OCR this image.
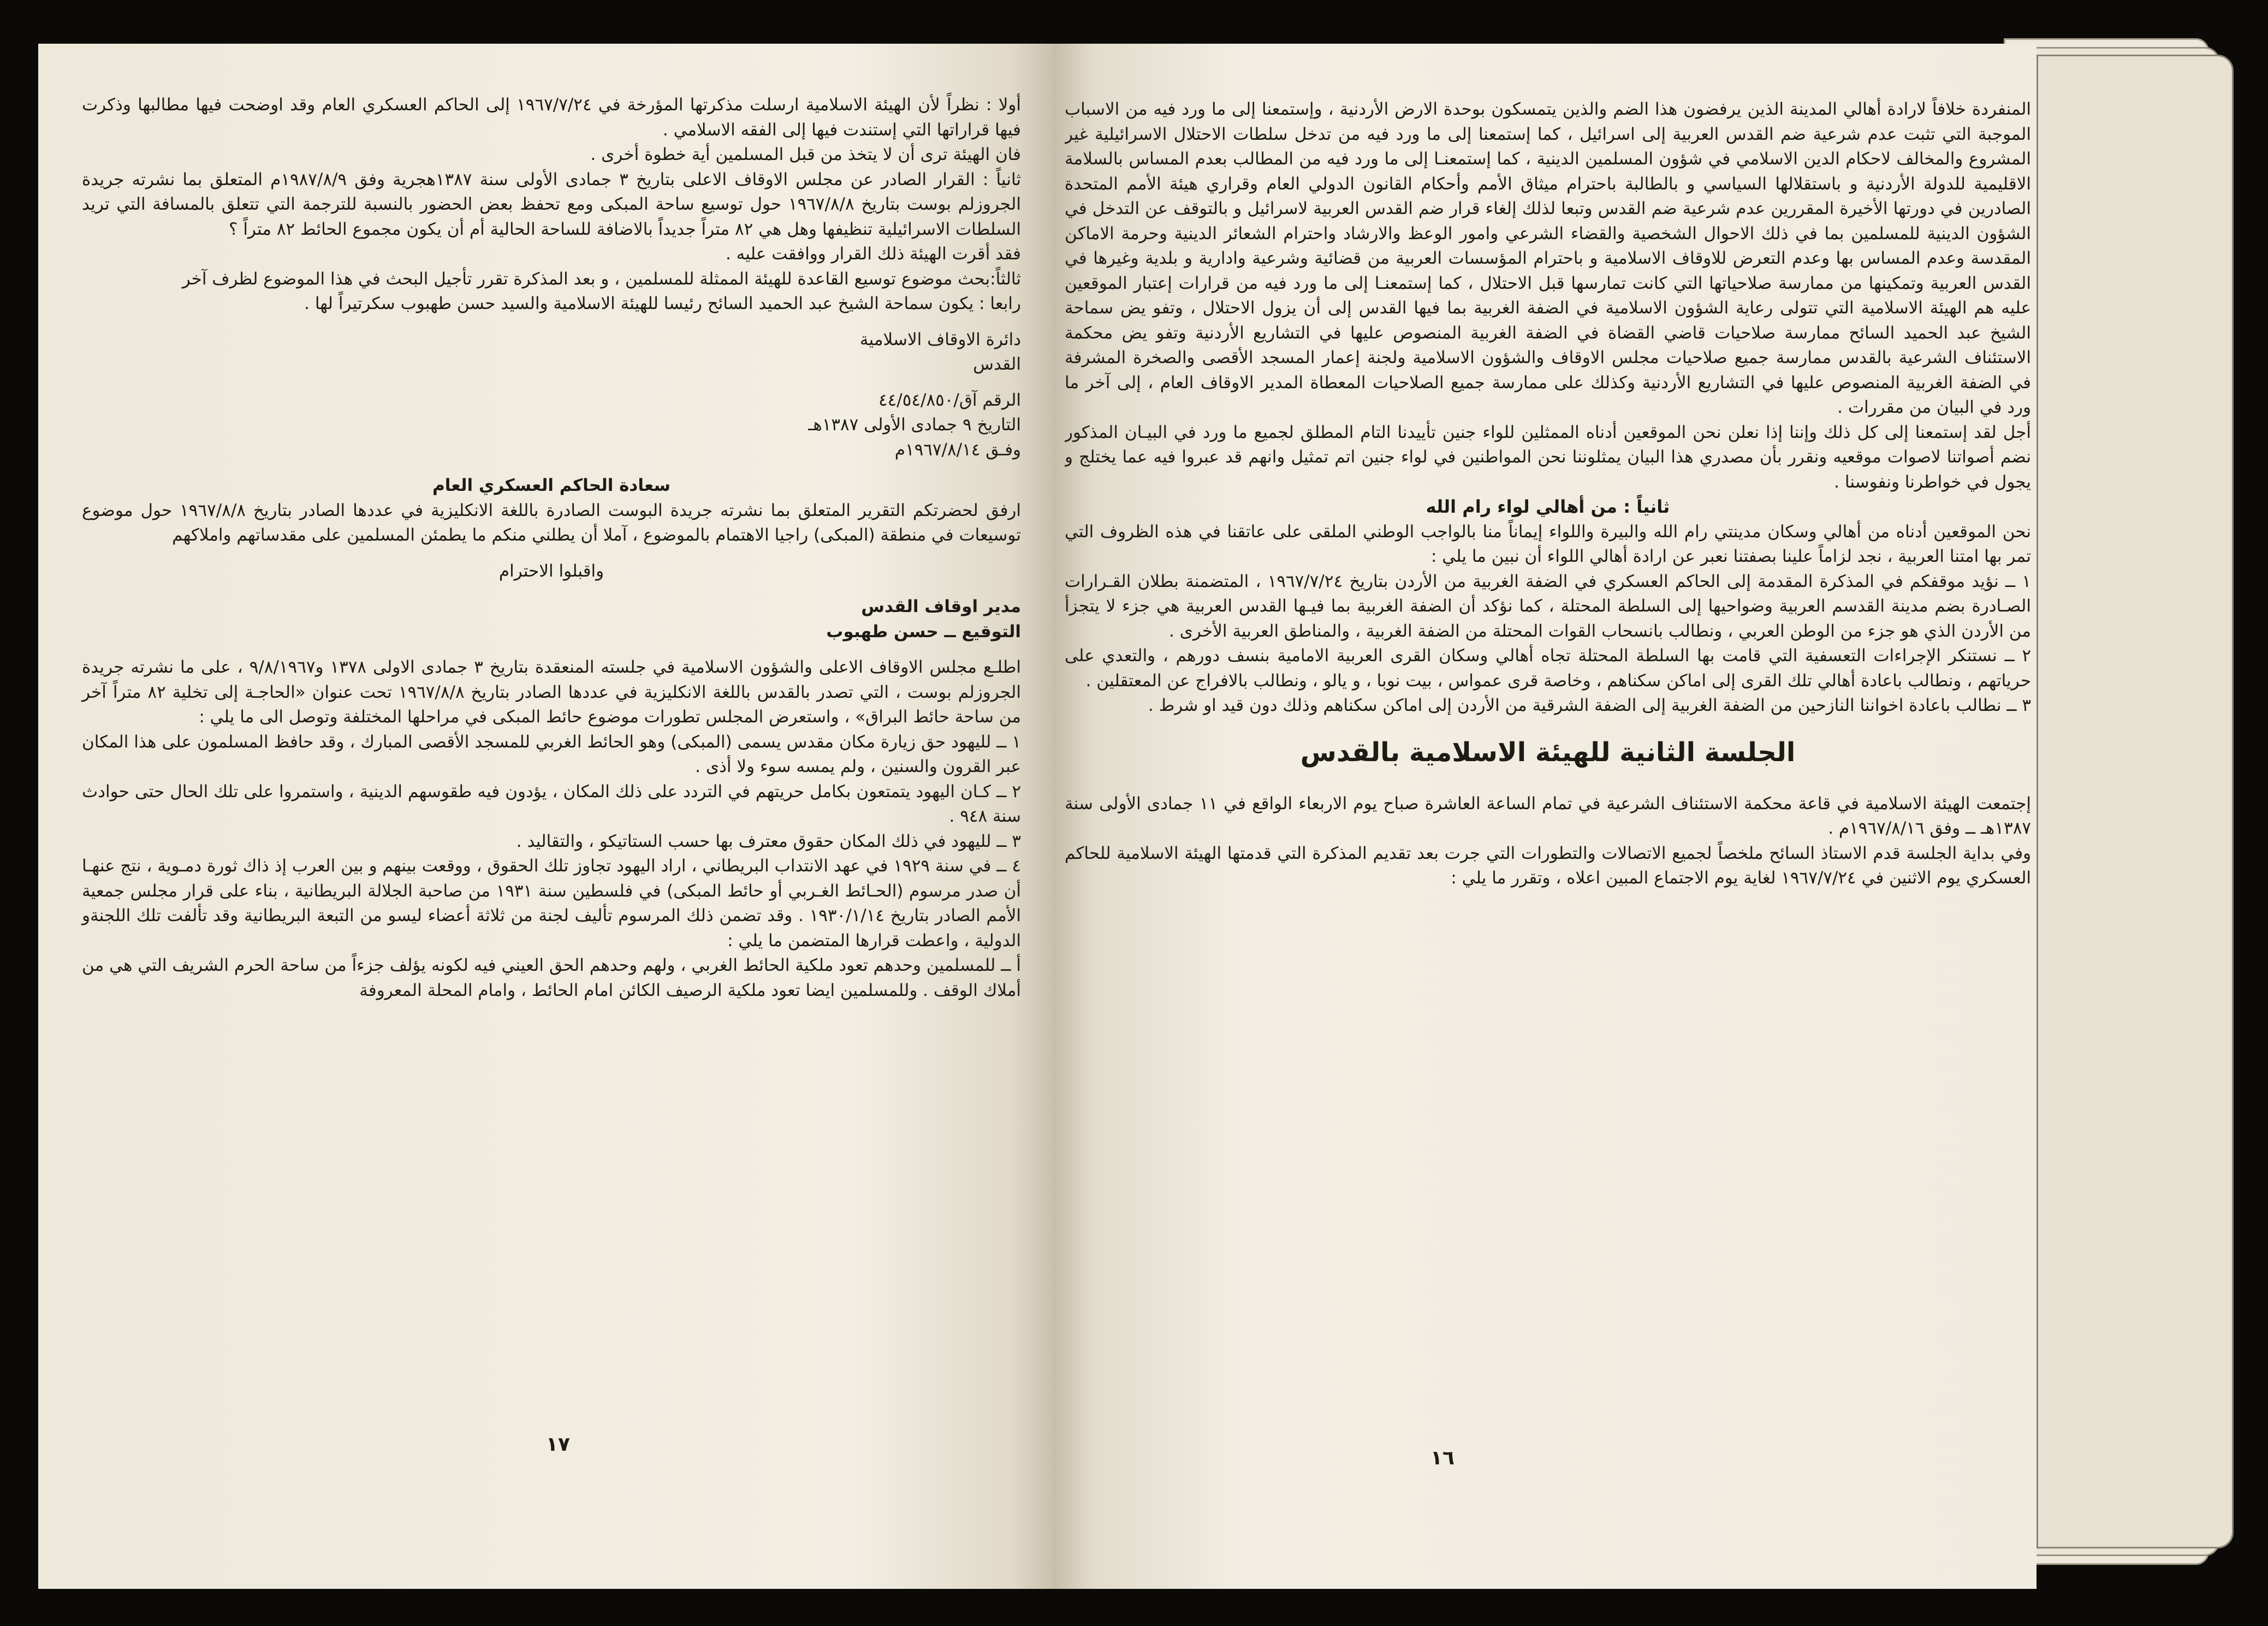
أولا : نظراً لأن الهيئة الاسلامية ارسلت مذكرتها المؤرخة في ١٩٦٧/٧/٢٤ إلى الحاكم العسكري العام وقد اوضحت فيها مطالبها وذكرت فيها قراراتها التي إستندت فيها إلى الفقه الاسلامي .

فان الهيئة ترى أن لا يتخذ من قبل المسلمين أية خطوة أخرى .

ثانياً : القرار الصادر عن مجلس الاوقاف الاعلى بتاريخ ٣ جمادى الأولى سنة ١٣٨٧هجرية وفق ١٩٨٧/٨/٩م المتعلق بما نشرته جريدة الجروزلم بوست بتاريخ ١٩٦٧/٨/٨ حول توسيع ساحة المبكى ومع تحفظ بعض الحضور بالنسبة للترجمة التي تتعلق بالمسافة التي تريد السلطات الاسرائيلية تنظيفها وهل هي ٨٢ متراً جديداً بالاضافة للساحة الحالية أم أن يكون مجموع الحائط ٨٢ متراً ؟

فقد أقرت الهيئة ذلك القرار ووافقت عليه .

ثالثاً:بحث موضوع توسيع القاعدة للهيئة الممثلة للمسلمين ، و بعد المذكرة تقرر تأجيل البحث في هذا الموضوع لظرف آخر

رابعا : يكون سماحة الشيخ عبد الحميد السائح رئيسا للهيئة الاسلامية والسيد حسن طهبوب سكرتيراً لها .

دائرة الاوقاف الاسلامية

القدس

الرقم آق/٤٤/٥٤/٨٥٠

التاريخ ٩ جمادى الأولى ١٣٨٧هـ

وفـق ١٩٦٧/٨/١٤م

سعادة الحاكم العسكري العام

ارفق لحضرتكم التقرير المتعلق بما نشرته جريدة البوست الصادرة باللغة الانكليزية في عددها الصادر بتاريخ ١٩٦٧/٨/٨ حول موضوع توسيعات في منطقة (المبكى) راجيا الاهتمام بالموضوع ، آملا أن يطلني منكم ما يطمئن المسلمين على مقدساتهم واملاكهم

واقبلوا الاحترام

مدير اوقاف القدس

التوقيع ــ حسن طهبوب

اطلـع مجلس الاوقاف الاعلى والشؤون الاسلامية في جلسته المنعقدة بتاريخ ٣ جمادى الاولى ١٣٧٨ و٩/٨/١٩٦٧ ، على ما نشرته جريدة الجروزلم بوست ، التي تصدر بالقدس باللغة الانكليزية في عددها الصادر بتاريخ ١٩٦٧/٨/٨ تحت عنوان «الحاجـة إلى تخلية ٨٢ متراً آخر من ساحة حائط البراق» ، واستعرض المجلس تطورات موضوع حائط المبكى في مراحلها المختلفة وتوصل الى ما يلي :

١ ــ لليهود حق زيارة مكان مقدس يسمى (المبكى) وهو الحائط الغربي للمسجد الأقصى المبارك ، وقد حافظ المسلمون على هذا المكان عبر القرون والسنين ، ولم يمسه سوء ولا أذى .

٢ ــ كـان اليهود يتمتعون بكامل حريتهم في التردد على ذلك المكان ، يؤدون فيه طقوسهم الدينية ، واستمروا على تلك الحال حتى حوادث سنة ٩٤٨ .

٣ ــ لليهود في ذلك المكان حقوق معترف بها حسب الستاتيكو ، والتقاليد .

٤ ــ في سنة ١٩٢٩ في عهد الانتداب البريطاني ، اراد اليهود تجاوز تلك الحقوق ، ووقعت بينهم و بين العرب إذ ذاك ثورة دمـوية ، نتج عنهـا أن صدر مرسوم (الحـائط الغـربي أو حائط المبكى) في فلسطين سنة ١٩٣١ من صاحبة الجلالة البريطانية ، بناء على قرار مجلس جمعية الأمم الصادر بتاريخ ١٩٣٠/١/١٤ . وقد تضمن ذلك المرسوم تأليف لجنة من ثلاثة أعضاء ليسو من التبعة البريطانية وقد تألفت تلك اللجنةو الدولية ، واعطت قرارها المتضمن ما يلي :

أ ــ للمسلمين وحدهم تعود ملكية الحائط الغربي ، ولهم وحدهم الحق العيني فيه لكونه يؤلف جزءاً من ساحة الحرم الشريف التي هي من أملاك الوقف . وللمسلمين ايضا تعود ملكية الرصيف الكائن امام الحائط ، وامام المحلة المعروفة

١٧

المنفردة خلافاً لارادة أهالي المدينة الذين يرفضون هذا الضم والذين يتمسكون بوحدة الارض الأردنية ، وإستمعنا إلى ما ورد فيه من الاسباب الموجبة التي تثبت عدم شرعية ضم القدس العربية إلى اسرائيل ، كما إستمعنا إلى ما ورد فيه من تدخل سلطات الاحتلال الاسرائيلية غير المشروع والمخالف لاحكام الدين الاسلامي في شؤون المسلمين الدينية ، كما إستمعنـا إلى ما ورد فيه من المطالب بعدم المساس بالسلامة الاقليمية للدولة الأردنية و باستقلالها السياسي و بالطالبة باحترام ميثاق الأمم وأحكام القانون الدولي العام وقراري هيئة الأمم المتحدة الصادرين في دورتها الأخيرة المقررين عدم شرعية ضم القدس وتبعا لذلك إلغاء قرار ضم القدس العربية لاسرائيل و بالتوقف عن التدخل في الشؤون الدينية للمسلمين بما في ذلك الاحوال الشخصية والقضاء الشرعي وامور الوعظ والارشاد واحترام الشعائر الدينية وحرمة الاماكن المقدسة وعدم المساس بها وعدم التعرض للاوقاف الاسلامية و باحترام المؤسسات العربية من قضائية وشرعية وادارية و بلدية وغيرها في القدس العربية وتمكينها من ممارسة صلاحياتها التي كانت تمارسها قبل الاحتلال ، كما إستمعنـا إلى ما ورد فيه من قرارات إعتبار الموقعين عليه هم الهيئة الاسلامية التي تتولى رعاية الشؤون الاسلامية في الضفة الغربية بما فيها القدس إلى أن يزول الاحتلال ، وتفو يض سماحة الشيخ عبد الحميد السائح ممارسة صلاحيات قاضي القضاة في الضفة الغربية المنصوص عليها في التشاريع الأردنية وتفو يض محكمة الاستئناف الشرعية بالقدس ممارسة جميع صلاحيات مجلس الاوقاف والشؤون الاسلامية ولجنة إعمار المسجد الأقصى والصخرة المشرفة في الضفة الغربية المنصوص عليها في التشاريع الأردنية وكذلك على ممارسة جميع الصلاحيات المعطاة المدير الاوقاف العام ، إلى آخر ما ورد في البيان من مقررات .

أجل لقد إستمعنا إلى كل ذلك وإننا إذا نعلن نحن الموقعين أدناه الممثلين للواء جنين تأييدنا التام المطلق لجميع ما ورد في البيـان المذكور نضم أصواتنا لاصوات موقعيه ونقرر بأن مصدري هذا البيان يمثلوننا نحن المواطنين في لواء جنين اتم تمثيل وانهم قد عبروا فيه عما يختلج و يجول في خواطرنا ونفوسنا .

ثانياً : من أهالي لواء رام الله

نحن الموقعين أدناه من أهالي وسكان مدينتي رام الله والبيرة واللواء إيماناً منا بالواجب الوطني الملقى على عاتقنا في هذه الظروف التي تمر بها امتنا العربية ، نجد لزاماً علينا بصفتنا نعبر عن ارادة أهالي اللواء أن نبين ما يلي :

١ ــ نؤيد موقفكم في المذكرة المقدمة إلى الحاكم العسكري في الضفة الغربية من الأردن بتاريخ ١٩٦٧/٧/٢٤ ، المتضمنة بطلان القـرارات الصـادرة بضم مدينة القدسم العربية وضواحيها إلى السلطة المحتلة ، كما نؤكد أن الضفة الغربية بما فيـها القدس العربية هي جزء لا يتجزأ من الأردن الذي هو جزء من الوطن العربي ، ونطالب بانسحاب القوات المحتلة من الضفة الغربية ، والمناطق العربية الأخرى .

٢ ــ نستنكر الإجراءات التعسفية التي قامت بها السلطة المحتلة تجاه أهالي وسكان القرى العربية الامامية بنسف دورهم ، والتعدي على حرياتهم ، ونطالب باعادة أهالي تلك القرى إلى اماكن سكناهم ، وخاصة قرى عمواس ، بيت نوبا ، و يالو ، ونطالب بالافراج عن المعتقلين .

٣ ــ نطالب باعادة اخواننا النازحين من الضفة الغربية إلى الضفة الشرقية من الأردن إلى اماكن سكناهم وذلك دون قيد او شرط .

الجلسة الثانية للهيئة الاسلامية بالقدس

إجتمعت الهيئة الاسلامية في قاعة محكمة الاستئناف الشرعية في تمام الساعة العاشرة صباح يوم الاربعاء الواقع في ١١ جمادى الأولى سنة ١٣٨٧هـ ــ وفق ١٩٦٧/٨/١٦م .

وفي بداية الجلسة قدم الاستاذ السائح ملخصاً لجميع الاتصالات والتطورات التي جرت بعد تقديم المذكرة التي قدمتها الهيئة الاسلامية للحاكم العسكري يوم الاثنين في ١٩٦٧/٧/٢٤ لغاية يوم الاجتماع المبين اعلاه ، وتقرر ما يلي :

١٦
